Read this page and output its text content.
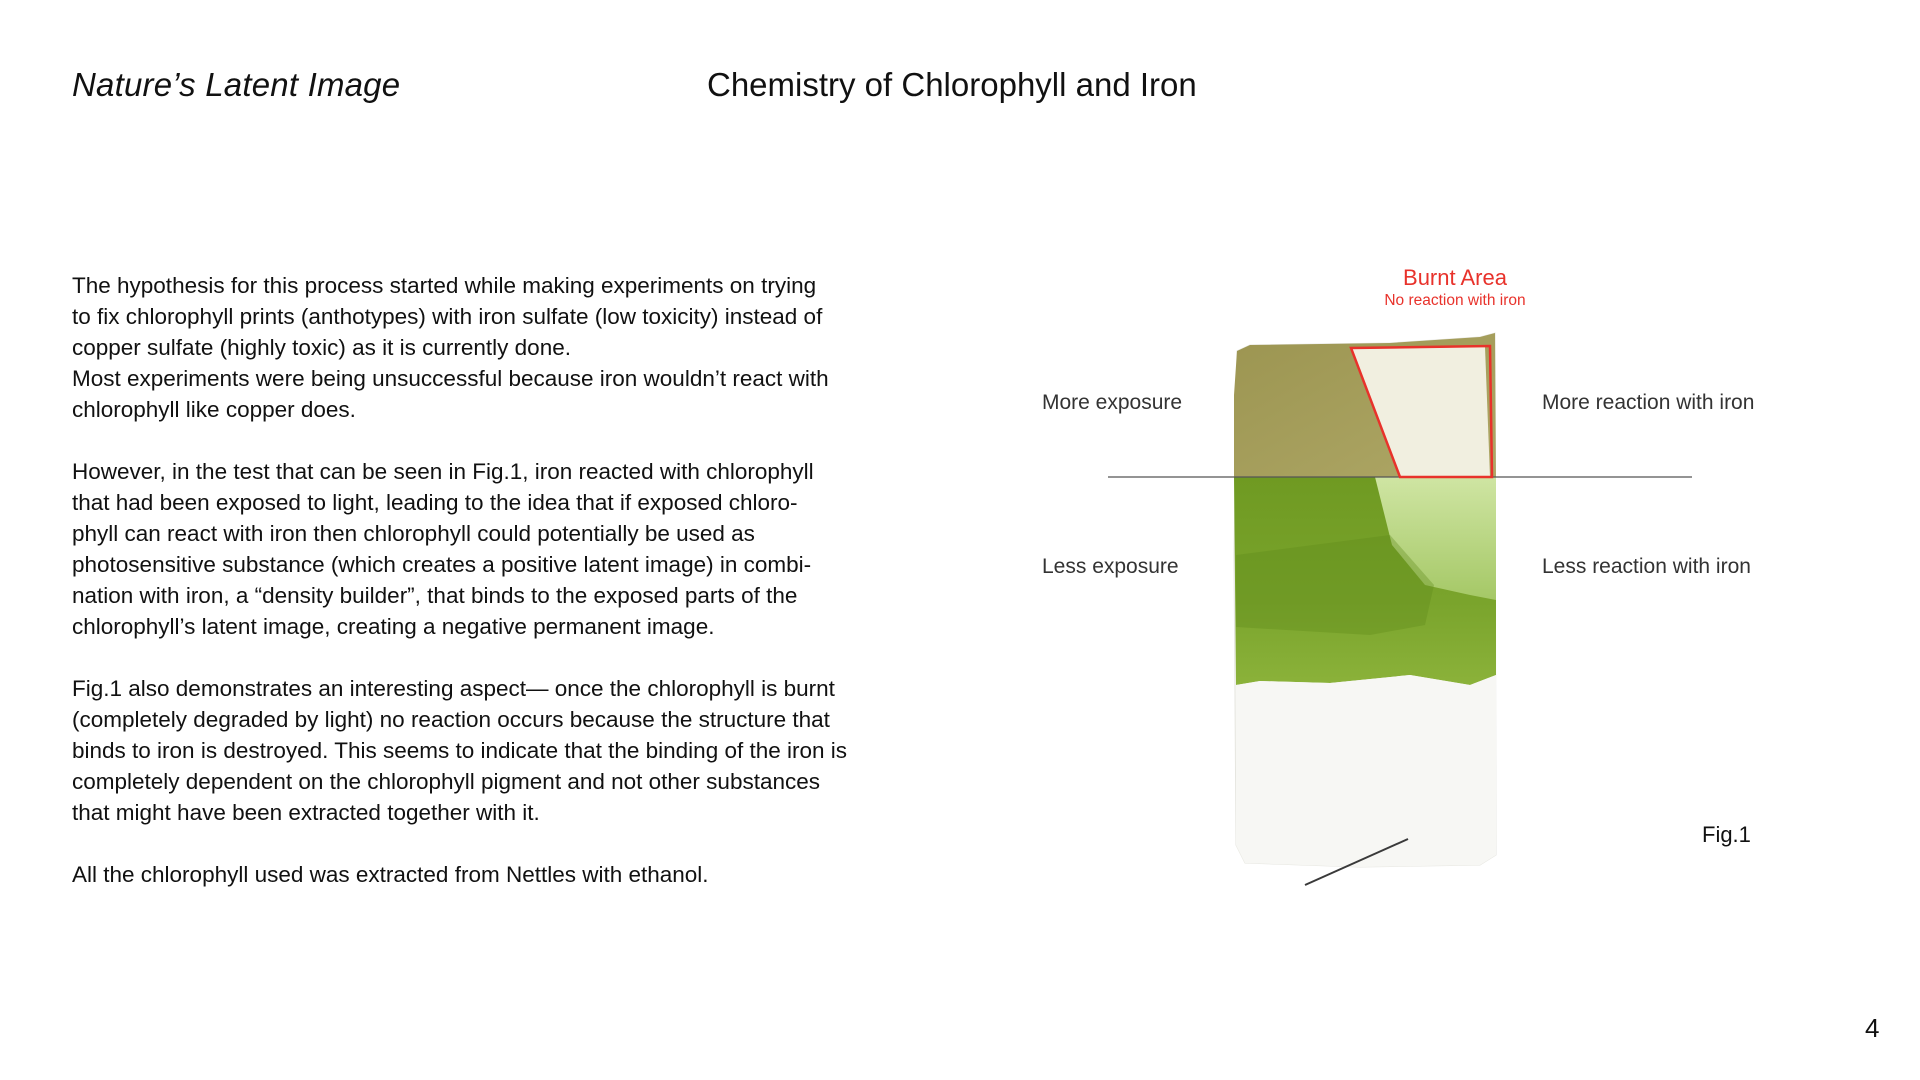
Nature’s Latent Image	Chemistry of Chlorophyll and Iron

The hypothesis for this process started while making experiments on trying
to fix chlorophyll prints (anthotypes) with iron sulfate (low toxicity) instead of
copper sulfate (highly toxic) as it is currently done.
Most experiments were being unsuccessful because iron wouldn’t react with
chlorophyll like copper does.

However, in the test that can be seen in Fig.1, iron reacted with chlorophyll
that had been exposed to light, leading to the idea that if exposed chloro-
phyll can react with iron then chlorophyll could potentially be used as
photosensitive substance (which creates a positive latent image) in combi-
nation with iron, a “density builder”, that binds to the exposed parts of the
chlorophyll’s latent image, creating a negative permanent image.

Fig.1 also demonstrates an interesting aspect— once the chlorophyll is burnt
(completely degraded by light) no reaction occurs because the structure that
binds to iron is destroyed. This seems to indicate that the binding of the iron is
completely dependent on the chlorophyll pigment and not other substances
that might have been extracted together with it.

All the chlorophyll used was extracted from Nettles with ethanol.

Burnt Area
No reaction with iron
More exposure
Less exposure
More reaction with iron
Less reaction with iron
Fig.1
4
